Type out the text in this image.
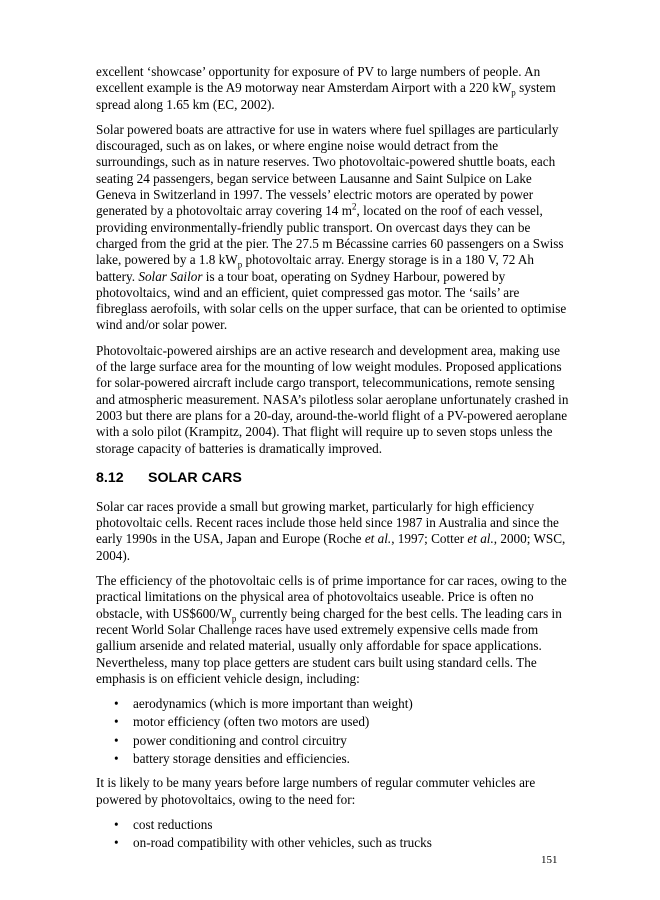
excellent ‘showcase’ opportunity for exposure of PV to large numbers of people. An excellent example is the A9 motorway near Amsterdam Airport with a 220 $kW_p$ system spread along 1.65 km (EC, 2002).

Solar powered boats are attractive for use in waters where fuel spillages are particularly discouraged, such as on lakes, or where engine noise would detract from the surroundings, such as in nature reserves. Two photovoltaic-powered shuttle boats, each seating 24 passengers, began service between Lausanne and Saint Sulpice on Lake Geneva in Switzerland in 1997. The vessels’ electric motors are operated by power generated by a photovoltaic array covering 14 $m^2$, located on the roof of each vessel, providing environmentally-friendly public transport. On overcast days they can be charged from the grid at the pier. The 27.5 m Bécassine carries 60 passengers on a Swiss lake, powered by a 1.8 $kW_p$ photovoltaic array. Energy storage is in a 180 V, 72 Ah battery. Solar Sailor is a tour boat, operating on Sydney Harbour, powered by photovoltaics, wind and an efficient, quiet compressed gas motor. The ‘sails’ are fibreglass aerofoils, with solar cells on the upper surface, that can be oriented to optimise wind and/or solar power.

Photovoltaic-powered airships are an active research and development area, making use of the large surface area for the mounting of low weight modules. Proposed applications for solar-powered aircraft include cargo transport, telecommunications, remote sensing and atmospheric measurement. NASA’s pilotless solar aeroplane unfortunately crashed in 2003 but there are plans for a 20-day, around-the-world flight of a PV-powered aeroplane with a solo pilot (Krampitz, 2004). That flight will require up to seven stops unless the storage capacity of batteries is dramatically improved.

8.12 SOLAR CARS

Solar car races provide a small but growing market, particularly for high efficiency photovoltaic cells. Recent races include those held since 1987 in Australia and since the early 1990s in the USA, Japan and Europe (Roche et al., 1997; Cotter et al., 2000; WSC, 2004).

The efficiency of the photovoltaic cells is of prime importance for car races, owing to the practical limitations on the physical area of photovoltaics useable. Price is often no obstacle, with $US\$600/W_p$ currently being charged for the best cells. The leading cars in recent World Solar Challenge races have used extremely expensive cells made from gallium arsenide and related material, usually only affordable for space applications. Nevertheless, many top place getters are student cars built using standard cells. The emphasis is on efficient vehicle design, including:

• aerodynamics (which is more important than weight)
• motor efficiency (often two motors are used)
• power conditioning and control circuitry
• battery storage densities and efficiencies.

It is likely to be many years before large numbers of regular commuter vehicles are powered by photovoltaics, owing to the need for:

• cost reductions
• on-road compatibility with other vehicles, such as trucks
151
